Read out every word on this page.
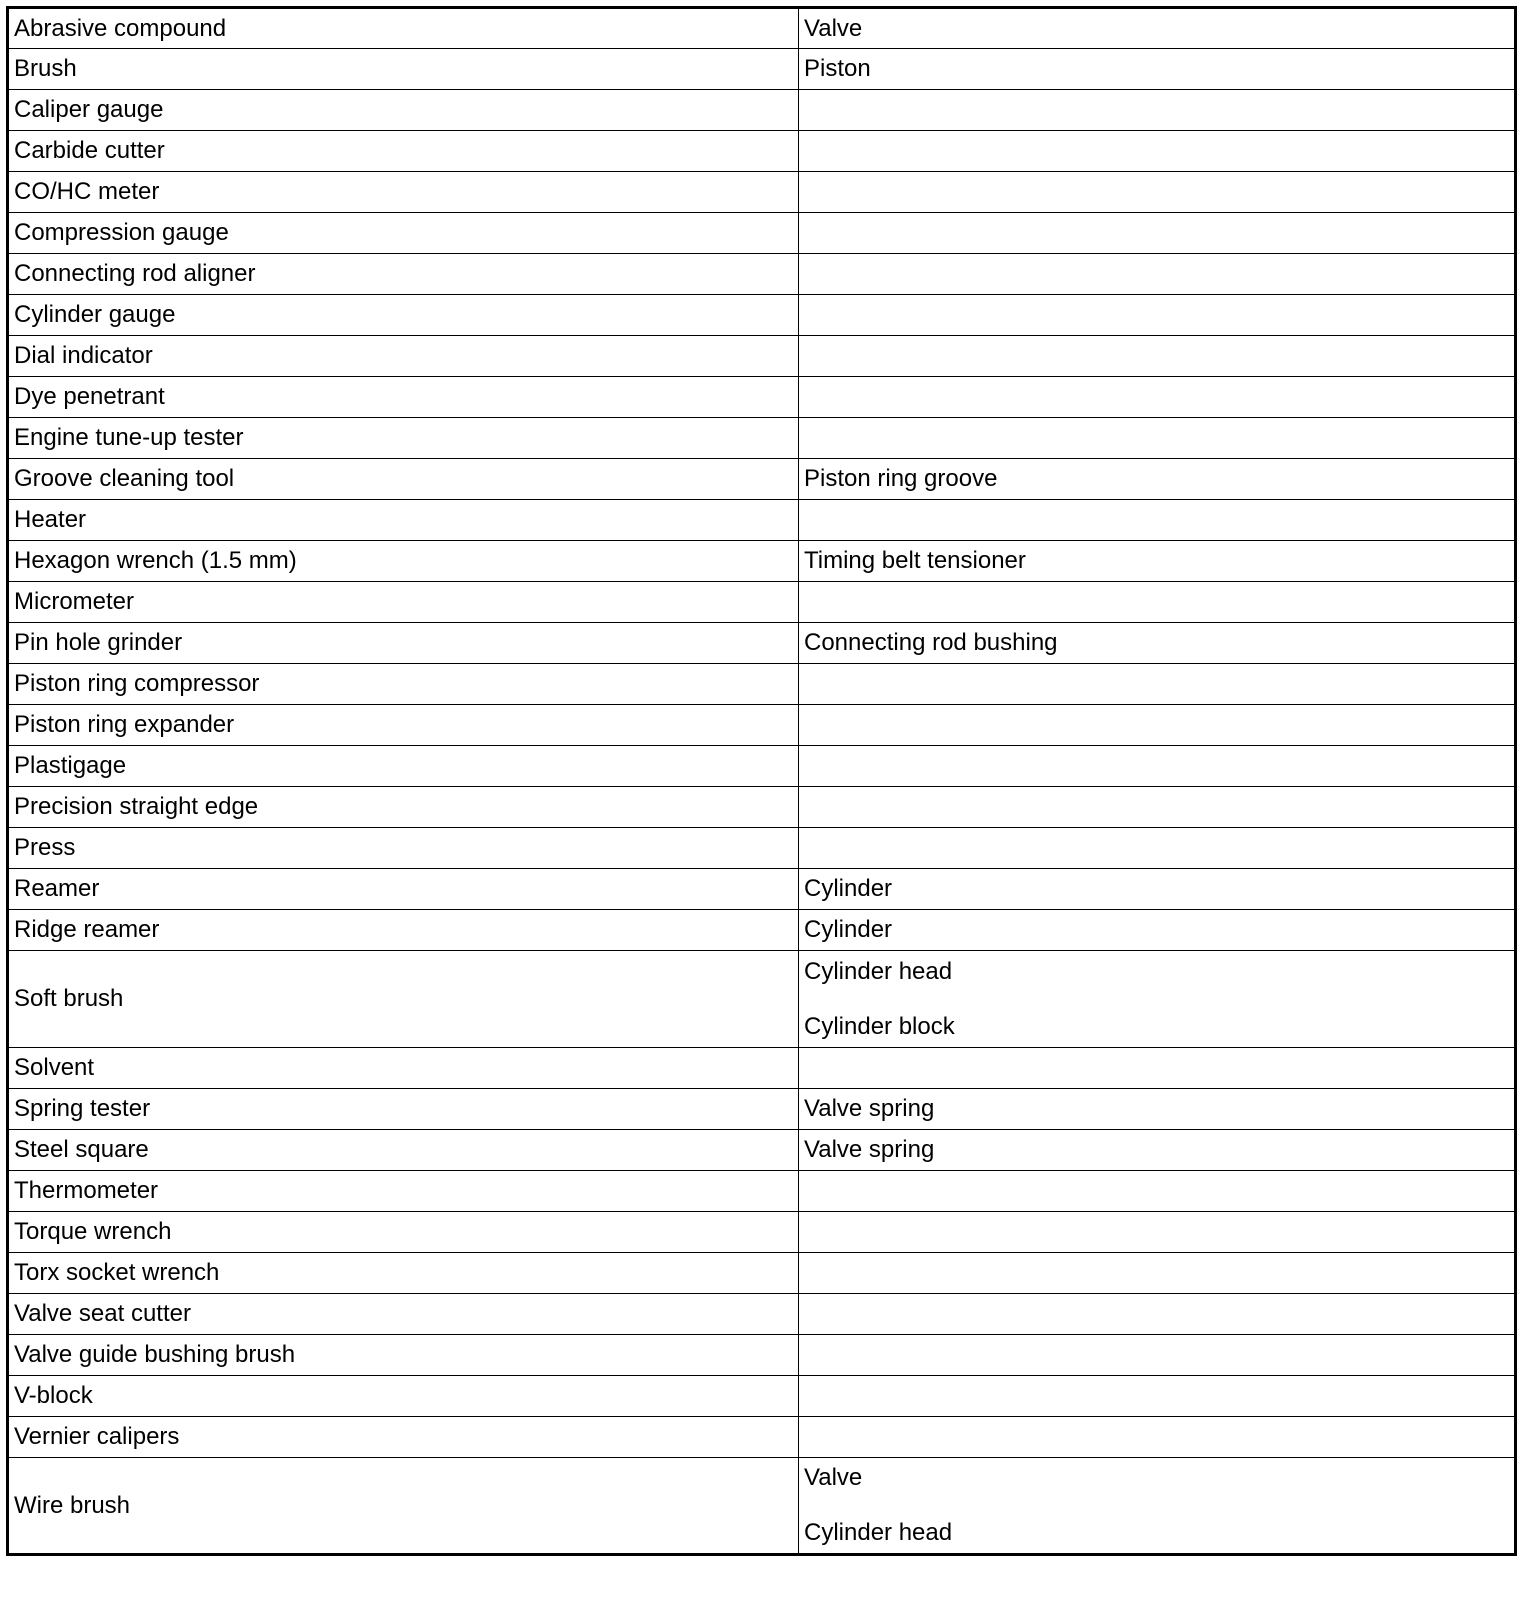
Abrasive compound	Valve

Brush	Piston

Caliper gauge	
Carbide cutter	
CO/HC meter	
Compression gauge	
Connecting rod aligner	
Cylinder gauge	
Dial indicator	
Dye penetrant	
Engine tune-up tester	
Groove cleaning tool	Piston ring groove

Heater	
Hexagon wrench (1.5 mm)	Timing belt tensioner

Micrometer	
Pin hole grinder	Connecting rod bushing

Piston ring compressor	
Piston ring expander	
Plastigage	
Precision straight edge	
Press	
Reamer	Cylinder

Ridge reamer	Cylinder

Soft brush	Cylinder head
Cylinder block

Solvent	
Spring tester	Valve spring

Steel square	Valve spring

Thermometer	
Torque wrench	
Torx socket wrench	
Valve seat cutter	
Valve guide bushing brush	
V-block	
Vernier calipers	
Wire brush	Valve
Cylinder head
